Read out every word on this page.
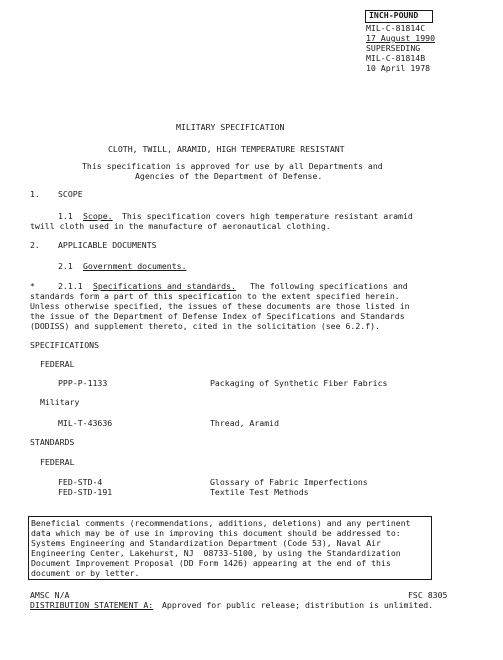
INCH-POUND
MIL-C-81814C
17 August 1990
SUPERSEDING
MIL-C-81814B
10 April 1978
MILITARY SPECIFICATION
CLOTH, TWILL, ARAMID, HIGH TEMPERATURE RESISTANT
This specification is approved for use by all Departments and
Agencies of the Department of Defense.
1. SCOPE
1.1 Scope. This specification covers high temperature resistant aramid
twill cloth used in the manufacture of aeronautical clothing.
2. APPLICABLE DOCUMENTS
2.1 Government documents.
*	2.1.1 Specifications and standards. The following specifications and
standards form a part of this specification to the extent specified herein.
Unless otherwise specified, the issues of these documents are those listed in
the issue of the Department of Defense Index of Specifications and Standards
(DODISS) and supplement thereto, cited in the solicitation (see 6.2.f).
SPECIFICATIONS
FEDERAL
PPP-P-1133	Packaging of Synthetic Fiber Fabrics
Military
MIL-T-43636	Thread, Aramid
STANDARDS
FEDERAL
FED-STD-4	Glossary of Fabric Imperfections
FED-STD-191	Textile Test Methods
Beneficial comments (recommendations, additions, deletions) and any pertinent
data which may be of use in improving this document should be addressed to:
Systems Engineering and Standardization Department (Code 53), Naval Air
Engineering Center, Lakehurst, NJ  08733-5100, by using the Standardization
Document Improvement Proposal (DD Form 1426) appearing at the end of this
document or by letter.
AMSC N/A	FSC 8305
DISTRIBUTION STATEMENT A: Approved for public release; distribution is unlimited.
